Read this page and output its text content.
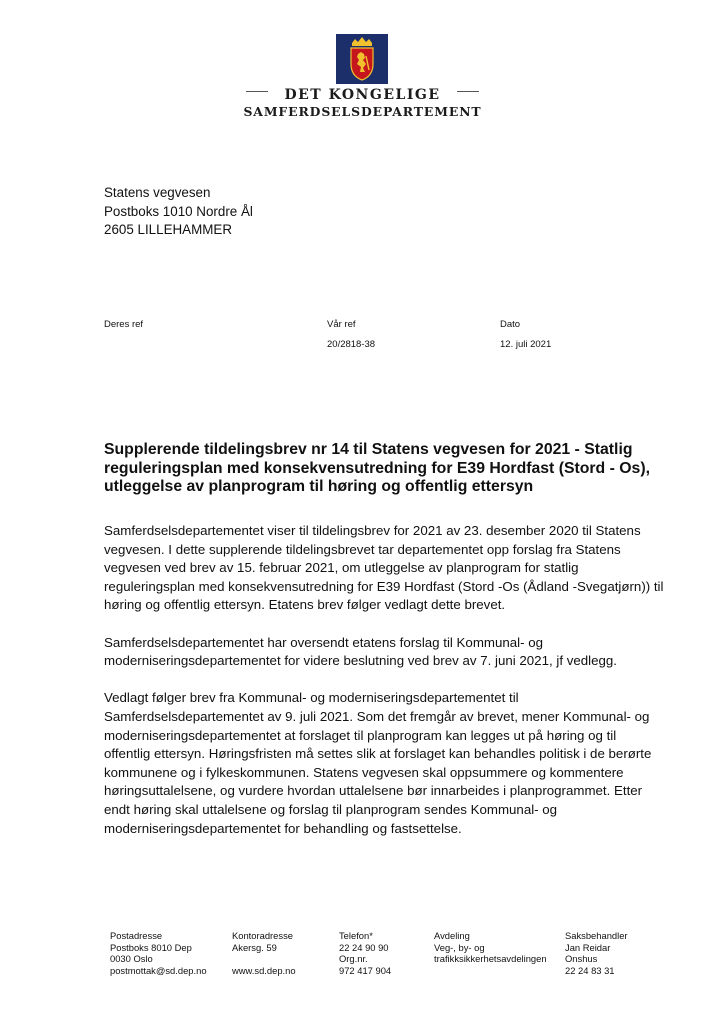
DET KONGELIGE
SAMFERDSELSDEPARTEMENT
Statens vegvesen
Postboks 1010 Nordre Ål
2605 LILLEHAMMER
Deres ref	Vår ref
20/2818-38
Dato
12. juli 2021
Supplerende tildelingsbrev nr 14 til Statens vegvesen for 2021 - Statlig reguleringsplan med konsekvensutredning for E39 Hordfast (Stord - Os), utleggelse av planprogram til høring og offentlig ettersyn

Samferdselsdepartementet viser til tildelingsbrev for 2021 av 23. desember 2020 til Statens vegvesen. I dette supplerende tildelingsbrevet tar departementet opp forslag fra Statens vegvesen ved brev av 15. februar 2021, om utleggelse av planprogram for statlig reguleringsplan med konsekvensutredning for E39 Hordfast (Stord -Os (Ådland -Svegatjørn)) til høring og offentlig ettersyn. Etatens brev følger vedlagt dette brevet.

Samferdselsdepartementet har oversendt etatens forslag til Kommunal- og moderniseringsdepartementet for videre beslutning ved brev av 7. juni 2021, jf vedlegg.

Vedlagt følger brev fra Kommunal- og moderniseringsdepartementet til Samferdselsdepartementet av 9. juli 2021. Som det fremgår av brevet, mener Kommunal- og moderniseringsdepartementet at forslaget til planprogram kan legges ut på høring og til offentlig ettersyn. Høringsfristen må settes slik at forslaget kan behandles politisk i de berørte kommunene og i fylkeskommunen. Statens vegvesen skal oppsummere og kommentere høringsuttalelsene, og vurdere hvordan uttalelsene bør innarbeides i planprogrammet. Etter endt høring skal uttalelsene og forslag til planprogram sendes Kommunal- og moderniseringsdepartementet for behandling og fastsettelse.

Postadresse
Postboks 8010 Dep
0030 Oslo
postmottak@sd.dep.no
Kontoradresse
Akersg. 59

www.sd.dep.no
Telefon*
22 24 90 90
Org.nr.
972 417 904
Avdeling
Veg-, by- og
trafikksikkerhetsavdelingen
Saksbehandler
Jan Reidar
Onshus
22 24 83 31
